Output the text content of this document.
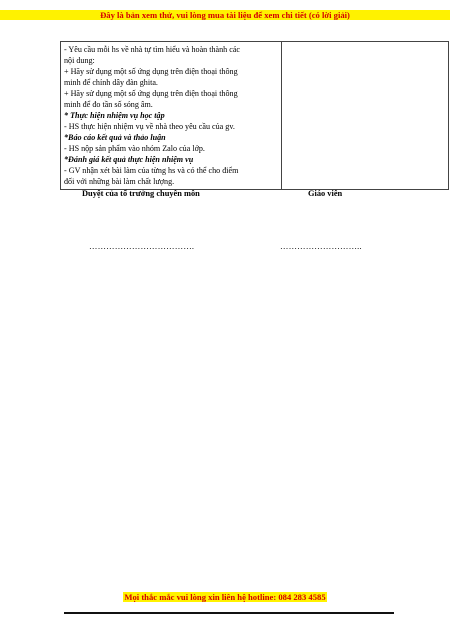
Đây là bản xem thử, vui lòng mua tài liệu để xem chi tiết (có lời giải)
- Yêu cầu mỗi hs về nhà tự tìm hiểu và hoàn thành các
nội dung:
+ Hãy sử dụng một số ứng dụng trên điện thoại thông
minh để chỉnh dây đàn ghita.
+ Hãy sử dụng một số ứng dụng trên điện thoại thông
minh để đo tần số sóng âm.
* Thực hiện nhiệm vụ học tập
- HS thực hiện nhiệm vụ về nhà theo yêu cầu của gv.
*Báo cáo kết quả và thảo luận
- HS nộp sản phẩm vào nhóm Zalo của lớp.
*Đánh giá kết quả thực hiện nhiệm vụ
- GV nhận xét bài làm của từng hs và có thể cho điểm
đối với những bài làm chất lượng.

Duyệt của tổ trưởng chuyên môn	Giáo viên
……………………………….	………………………..
Mọi thắc mắc vui lòng xin liên hệ hotline: 084 283 4585
